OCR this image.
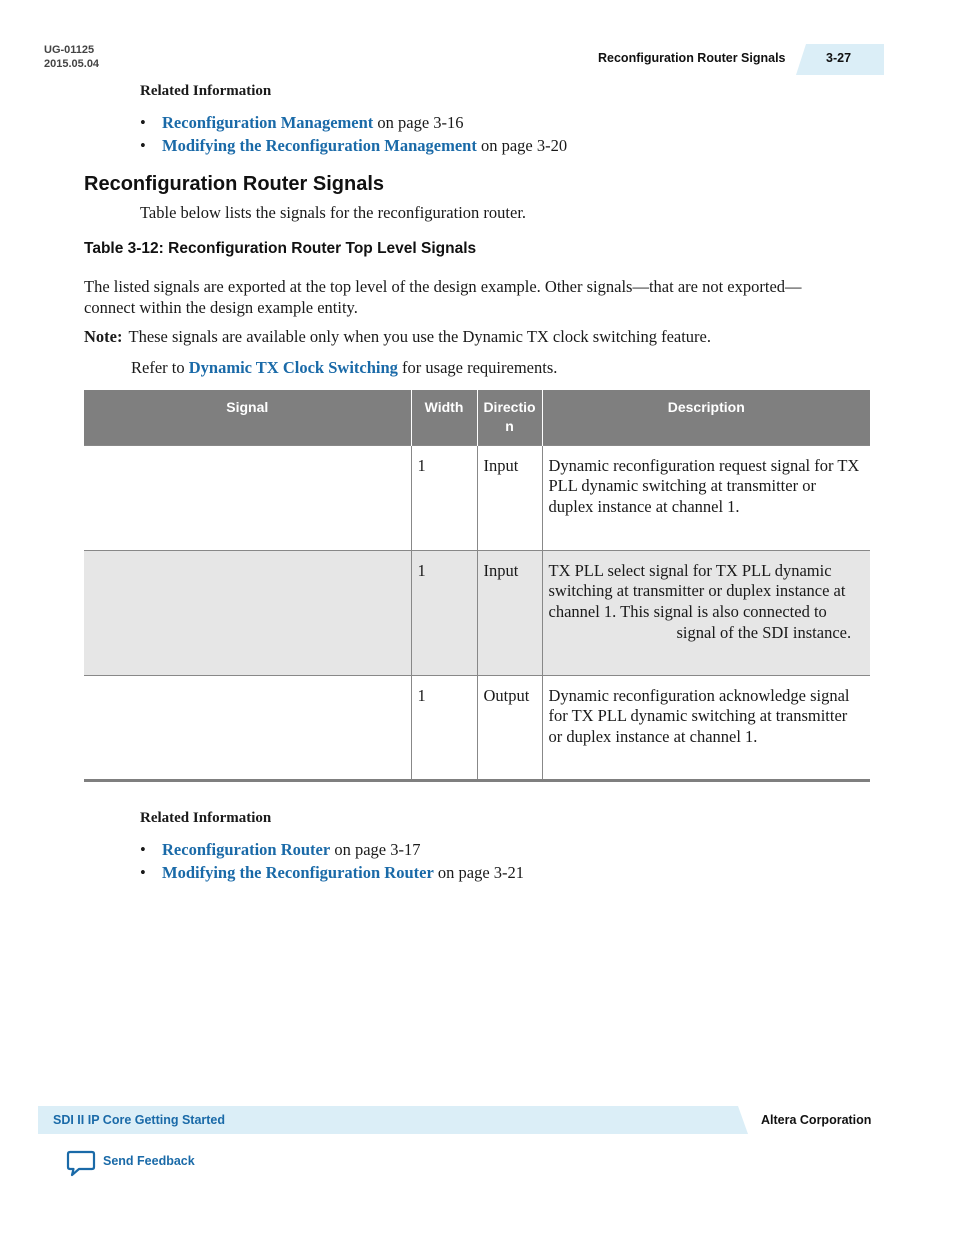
UG-01125
2015.05.04	Reconfiguration Router Signals	3-27
Related Information
• Reconfiguration Management on page 3-16
• Modifying the Reconfiguration Management on page 3-20
Reconfiguration Router Signals
Table below lists the signals for the reconfiguration router.
Table 3-12: Reconfiguration Router Top Level Signals
The listed signals are exported at the top level of the design example. Other signals—that are not exported—connect within the design example entity.
Note: These signals are available only when you use the Dynamic TX clock switching feature.
Refer to Dynamic TX Clock Switching for usage requirements.
Signal	Width	Directio n	Description
	1	Input	Dynamic reconfiguration request signal for TX PLL dynamic switching at transmitter or duplex instance at channel 1.
	1	Input	TX PLL select signal for TX PLL dynamic switching at transmitter or duplex instance at channel 1. This signal is also connected tosignal of the SDI instance.
	1	Output	Dynamic reconfiguration acknowledge signal for TX PLL dynamic switching at transmitter or duplex instance at channel 1.
Related Information
• Reconfiguration Router on page 3-17
• Modifying the Reconfiguration Router on page 3-21
SDI II IP Core Getting Started	Altera Corporation
Send Feedback
